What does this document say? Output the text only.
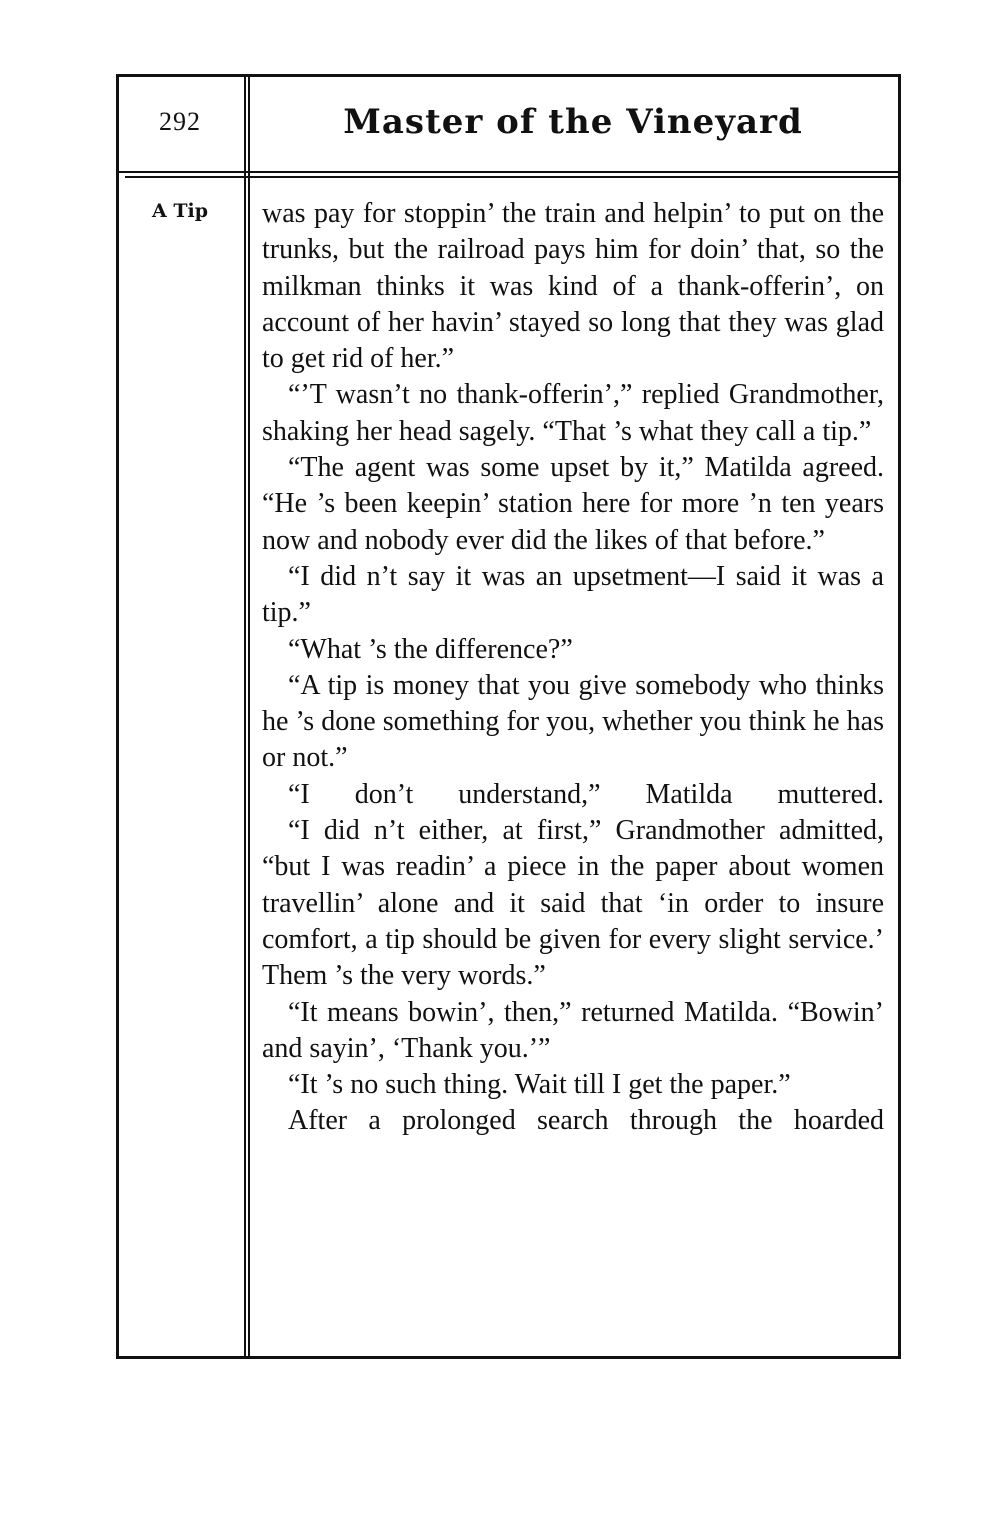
292	Master of the Vineyard
A Tip	was pay for stoppin’ the train and helpin’ to put on the trunks, but the railroad pays him for doin’ that, so the milkman thinks it was kind of a thank-offerin’, on account of her havin’ stayed so long that they was glad to get rid of her.”

“’T wasn’t no thank-offerin’,” replied Grandmother, shaking her head sagely. “That ’s what they call a tip.”

“The agent was some upset by it,” Matilda agreed. “He ’s been keepin’ station here for more ’n ten years now and nobody ever did the likes of that before.”

“I did n’t say it was an upsetment—I said it was a tip.”

“What ’s the difference?”

“A tip is money that you give somebody who thinks he ’s done something for you, whether you think he has or not.”

“I don’t understand,” Matilda muttered.

“I did n’t either, at first,” Grandmother admitted, “but I was readin’ a piece in the paper about women travellin’ alone and it said that ‘in order to insure comfort, a tip should be given for every slight service.’ Them ’s the very words.”

“It means bowin’, then,” returned Matilda. “Bowin’ and sayin’, ‘Thank you.’”

“It ’s no such thing. Wait till I get the paper.”

After a prolonged search through the hoarded
